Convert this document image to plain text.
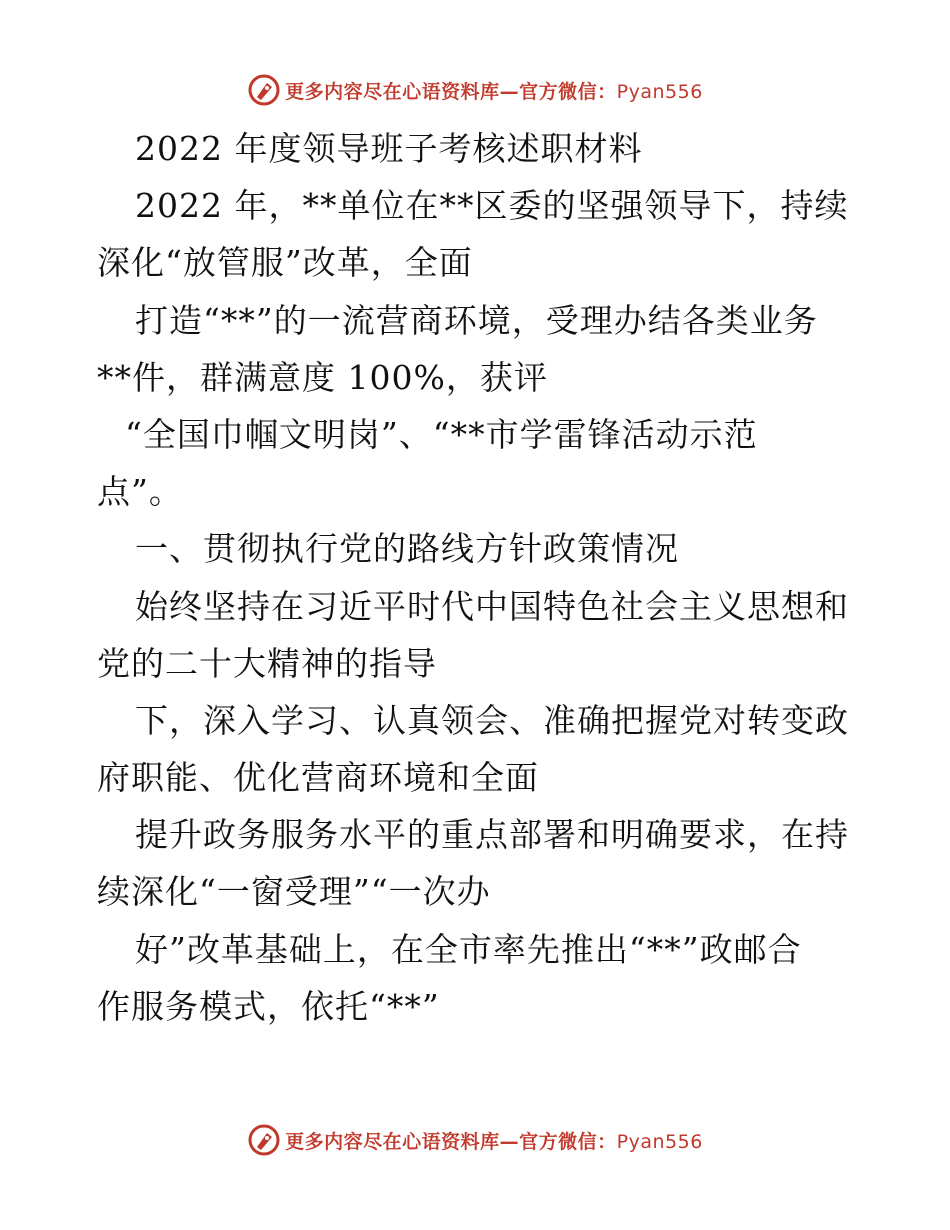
更多内容尽在心语资料库—官方微信：Pyan556
2022 年度领导班子考核述职材料
2022 年，**单位在**区委的坚强领导下，持续
深化“放管服”改革，全面
打造“**”的一流营商环境，受理办结各类业务
**件，群满意度 100%，获评
“全国巾帼文明岗”、“**市学雷锋活动示范
点”。
一、贯彻执行党的路线方针政策情况
始终坚持在习近平时代中国特色社会主义思想和
党的二十大精神的指导
下，深入学习、认真领会、准确把握党对转变政
府职能、优化营商环境和全面
提升政务服务水平的重点部署和明确要求，在持
续深化“一窗受理”“一次办
好”改革基础上，在全市率先推出“**”政邮合
作服务模式，依托“**”
更多内容尽在心语资料库—官方微信：Pyan556
